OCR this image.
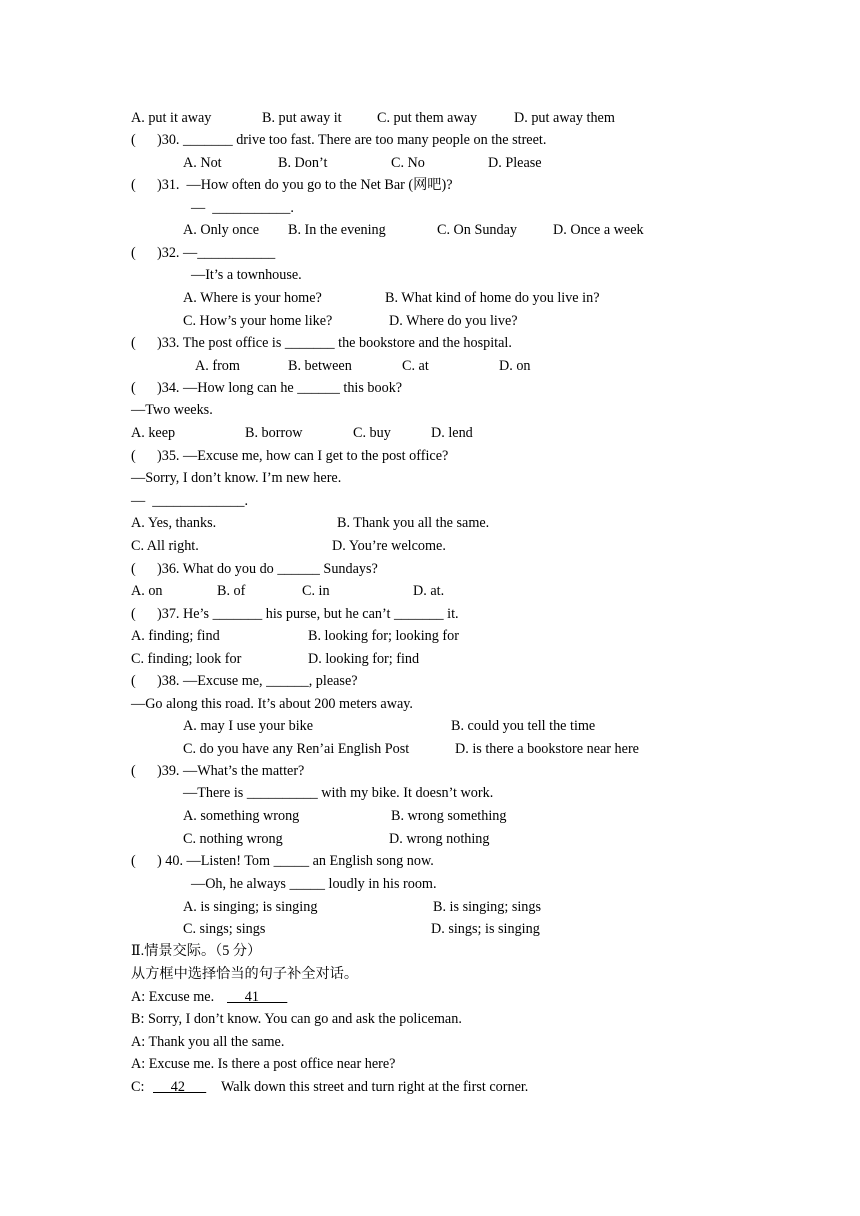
A. put it away	B. put away it C. put them away	D. put away them
(      )30. _______ drive too fast. There are too many people on the street.
A. Not	B. Don’t	C. No	D. Please
(      )31.  —How often do you go to the Net Bar (网吧)?
—  ___________.
A. Only once B. In the evening	C. On Sunday	D. Once a week
(      )32. —___________
—It’s a townhouse.
A. Where is your home?	B. What kind of home do you live in?
C. How’s your home like?	D. Where do you live?
(      )33. The post office is _______ the bookstore and the hospital.
A. from	B. between	C. at	D. on
(      )34. —How long can he ______ this book?
—Two weeks.
A. keep	B. borrow	C. buy	D. lend
(      )35. —Excuse me, how can I get to the post office?
—Sorry, I don’t know. I’m new here.
—  _____________.
A. Yes, thanks.	B. Thank you all the same.
C. All right.	D. You’re welcome.
(      )36. What do you do ______ Sundays?
A. on	B. of	C. in	D. at.
(      )37. He’s _______ his purse, but he can’t _______ it.
A. finding; find	B. looking for; looking for
C. finding; look for	D. looking for; find
(      )38. —Excuse me, ______, please?
—Go along this road. It’s about 200 meters away.
A. may I use your bike	B. could you tell the time
C. do you have any Ren’ai English Post	D. is there a bookstore near here
(      )39. —What’s the matter?
—There is __________ with my bike. It doesn’t work.
A. something wrong	B. wrong something
C. nothing wrong	D. wrong nothing
(      ) 40. —Listen! Tom _____ an English song now.
—Oh, he always _____ loudly in his room.
A. is singing; is singing	B. is singing; sings
C. sings; sings	D. sings; is singing
Ⅱ.情景交际。（5 分）
从方框中选择恰当的句子补全对话。
A: Excuse me. 41
B: Sorry, I don’t know. You can go and ask the policeman.
A: Thank you all the same.
A: Excuse me. Is there a post office near here?
C: 42 Walk down this street and turn right at the first corner.
